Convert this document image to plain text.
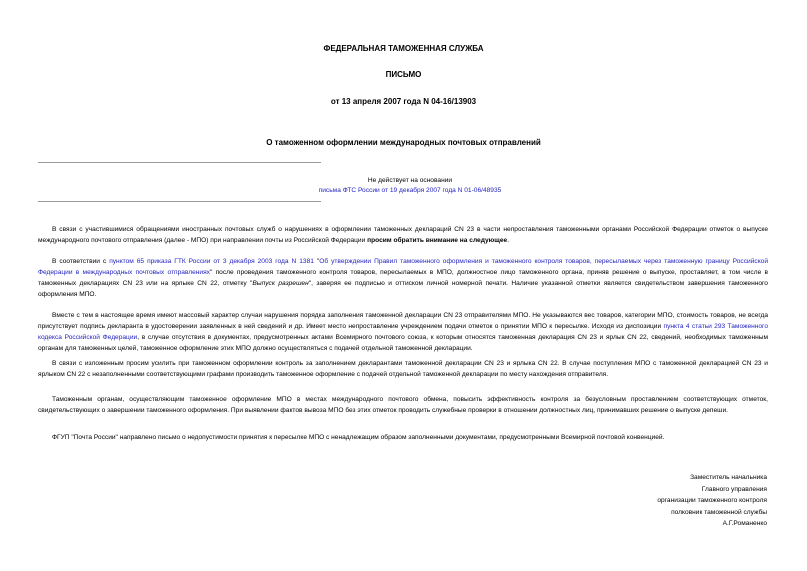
ФЕДЕРАЛЬНАЯ ТАМОЖЕННАЯ СЛУЖБА
ПИСЬМО
от 13 апреля 2007 года N 04-16/13903
О таможенном оформлении международных почтовых отправлений
Не действует на основании
письма ФТС России от 19 декабря 2007 года N 01-06/48935
В связи с участившимися обращениями иностранных почтовых служб о нарушениях в оформлении таможенных деклараций CN 23 в части непроставления таможенными органами Российской Федерации отметок о выпуске международного почтового отправления (далее - МПО) при направлении почты из Российской Федерации просим обратить внимание на следующее.
В соответствии с пунктом 65 приказа ГТК России от 3 декабря 2003 года N 1381 "Об утверждении Правил таможенного оформления и таможенного контроля товаров, пересылаемых через таможенную границу Российской Федерации в международных почтовых отправлениях" после проведения таможенного контроля товаров, пересылаемых в МПО, должностное лицо таможенного органа, приняв решение о выпуске, проставляет, в том числе в таможенных декларациях CN 23 или на ярлыке CN 22, отметку "Выпуск разрешен", заверяя ее подписью и оттиском личной номерной печати. Наличие указанной отметки является свидетельством завершения таможенного оформления МПО.
Вместе с тем в настоящее время имеют массовый характер случаи нарушения порядка заполнения таможенной декларации CN 23 отправителями МПО. Не указываются вес товаров, категории МПО, стоимость товаров, не всегда присутствует подпись декларанта в удостоверении заявленных в ней сведений и др. Имеет место непроставление учреждением подачи отметок о принятии МПО к пересылке. Исходя из диспозиции пункта 4 статьи 293 Таможенного кодекса Российской Федерации, в случае отсутствия в документах, предусмотренных актами Всемирного почтового союза, к которым относятся таможенная декларация CN 23 и ярлык CN 22, сведений, необходимых таможенным органам для таможенных целей, таможенное оформление этих МПО должно осуществляться с подачей отдельной таможенной декларации.
В связи с изложенным просим усилить при таможенном оформлении контроль за заполнением декларантами таможенной декларации CN 23 и ярлыка CN 22. В случае поступления МПО с таможенной декларацией CN 23 и ярлыком CN 22 с незаполненными соответствующими графами производить таможенное оформление с подачей отдельной таможенной декларации по месту нахождения отправителя.
Таможенным органам, осуществляющим таможенное оформление МПО в местах международного почтового обмена, повысить эффективность контроля за безусловным проставлением соответствующих отметок, свидетельствующих о завершении таможенного оформления. При выявлении фактов вывоза МПО без этих отметок проводить служебные проверки в отношении должностных лиц, принимавших решение о выпуске депеши.
ФГУП "Почта России" направлено письмо о недопустимости принятия к пересылке МПО с ненадлежащим образом заполненными документами, предусмотренными Всемирной почтовой конвенцией.
Заместитель начальника
Главного управления
организации таможенного контроля
полковник таможенной службы
А.Г.Романенко
